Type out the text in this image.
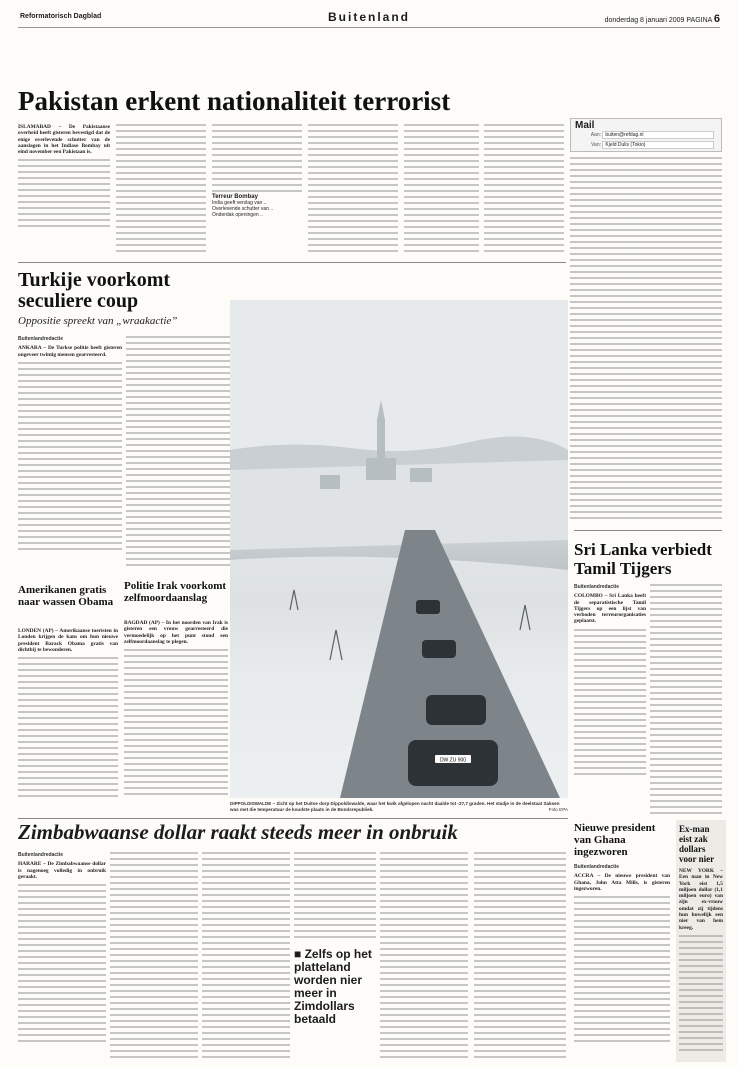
Reformatorisch Dagblad	Buitenland	donderdag 8 januari 2009 PAGINA 6
Pakistan erkent nationaliteit terrorist
ISLAMABAD – De Pakistaanse overheid heeft gisteren bevestigd dat de enige overlevende schutter van de aanslagen in het Indiase Bombay uit eind november een Pakistaan is.
Terreur Bombay
India geeft verslag van ..
Overlevende schutter van ..
Onderdak openingen ..
Mail
Aan: buiten@refdag.nl
Van: Kjeld Dulis (Tokio)
Turkije voorkomt seculiere coup
Oppositie spreekt van „wraakactie”
Buitenlandredactie
ANKARA – De Turkse politie heeft gisteren ongeveer twintig mensen gearresteerd.
Amerikanen gratis naar wassen Obama
LONDEN (AP) – Amerikaanse toeristen in Londen krijgen de kans om hun nieuwe president Barack Obama gratis van dichtbij te bewonderen.
Politie Irak voorkomt zelfmoordaanslag
BAGDAD (AP) – In het noorden van Irak is gisteren een vrouw gearresteerd die vermoedelijk op het punt stond een zelfmoordaanslag te plegen.
DW ZU 900
DIPPOLDISWALDE – Zicht op het Duitse dorp Dippoldiswalde, waar het kwik afgelopen nacht daalde tot -27,7 graden. Het stadje in de deelstaat Saksen was met die temperatuur de koudste plaats in de Bondsrepubliek.	Foto EPA
Sri Lanka verbiedt Tamil Tijgers
Buitenlandredactie
COLOMBO – Sri Lanka heeft de separatistische Tamil Tijgers op een lijst van verboden terreurorganisaties geplaatst.
Nieuwe president van Ghana ingezworen
Buitenlandredactie
ACCRA – De nieuwe president van Ghana, John Atta Mills, is gisteren ingezworen.
Ex-man eist zak dollars voor nier
NEW YORK – Een man in New York eist 1,5 miljoen dollar (1,1 miljoen euro) van zijn ex-vrouw omdat zij tijdens hun huwelijk een nier van hem kreeg.
Zimbabwaanse dollar raakt steeds meer in onbruik
Buitenlandredactie
HARARE – De Zimbabwaanse dollar is nagenoeg volledig in onbruik geraakt.
■ Zelfs op het platteland worden nier meer in Zimdollars betaald
